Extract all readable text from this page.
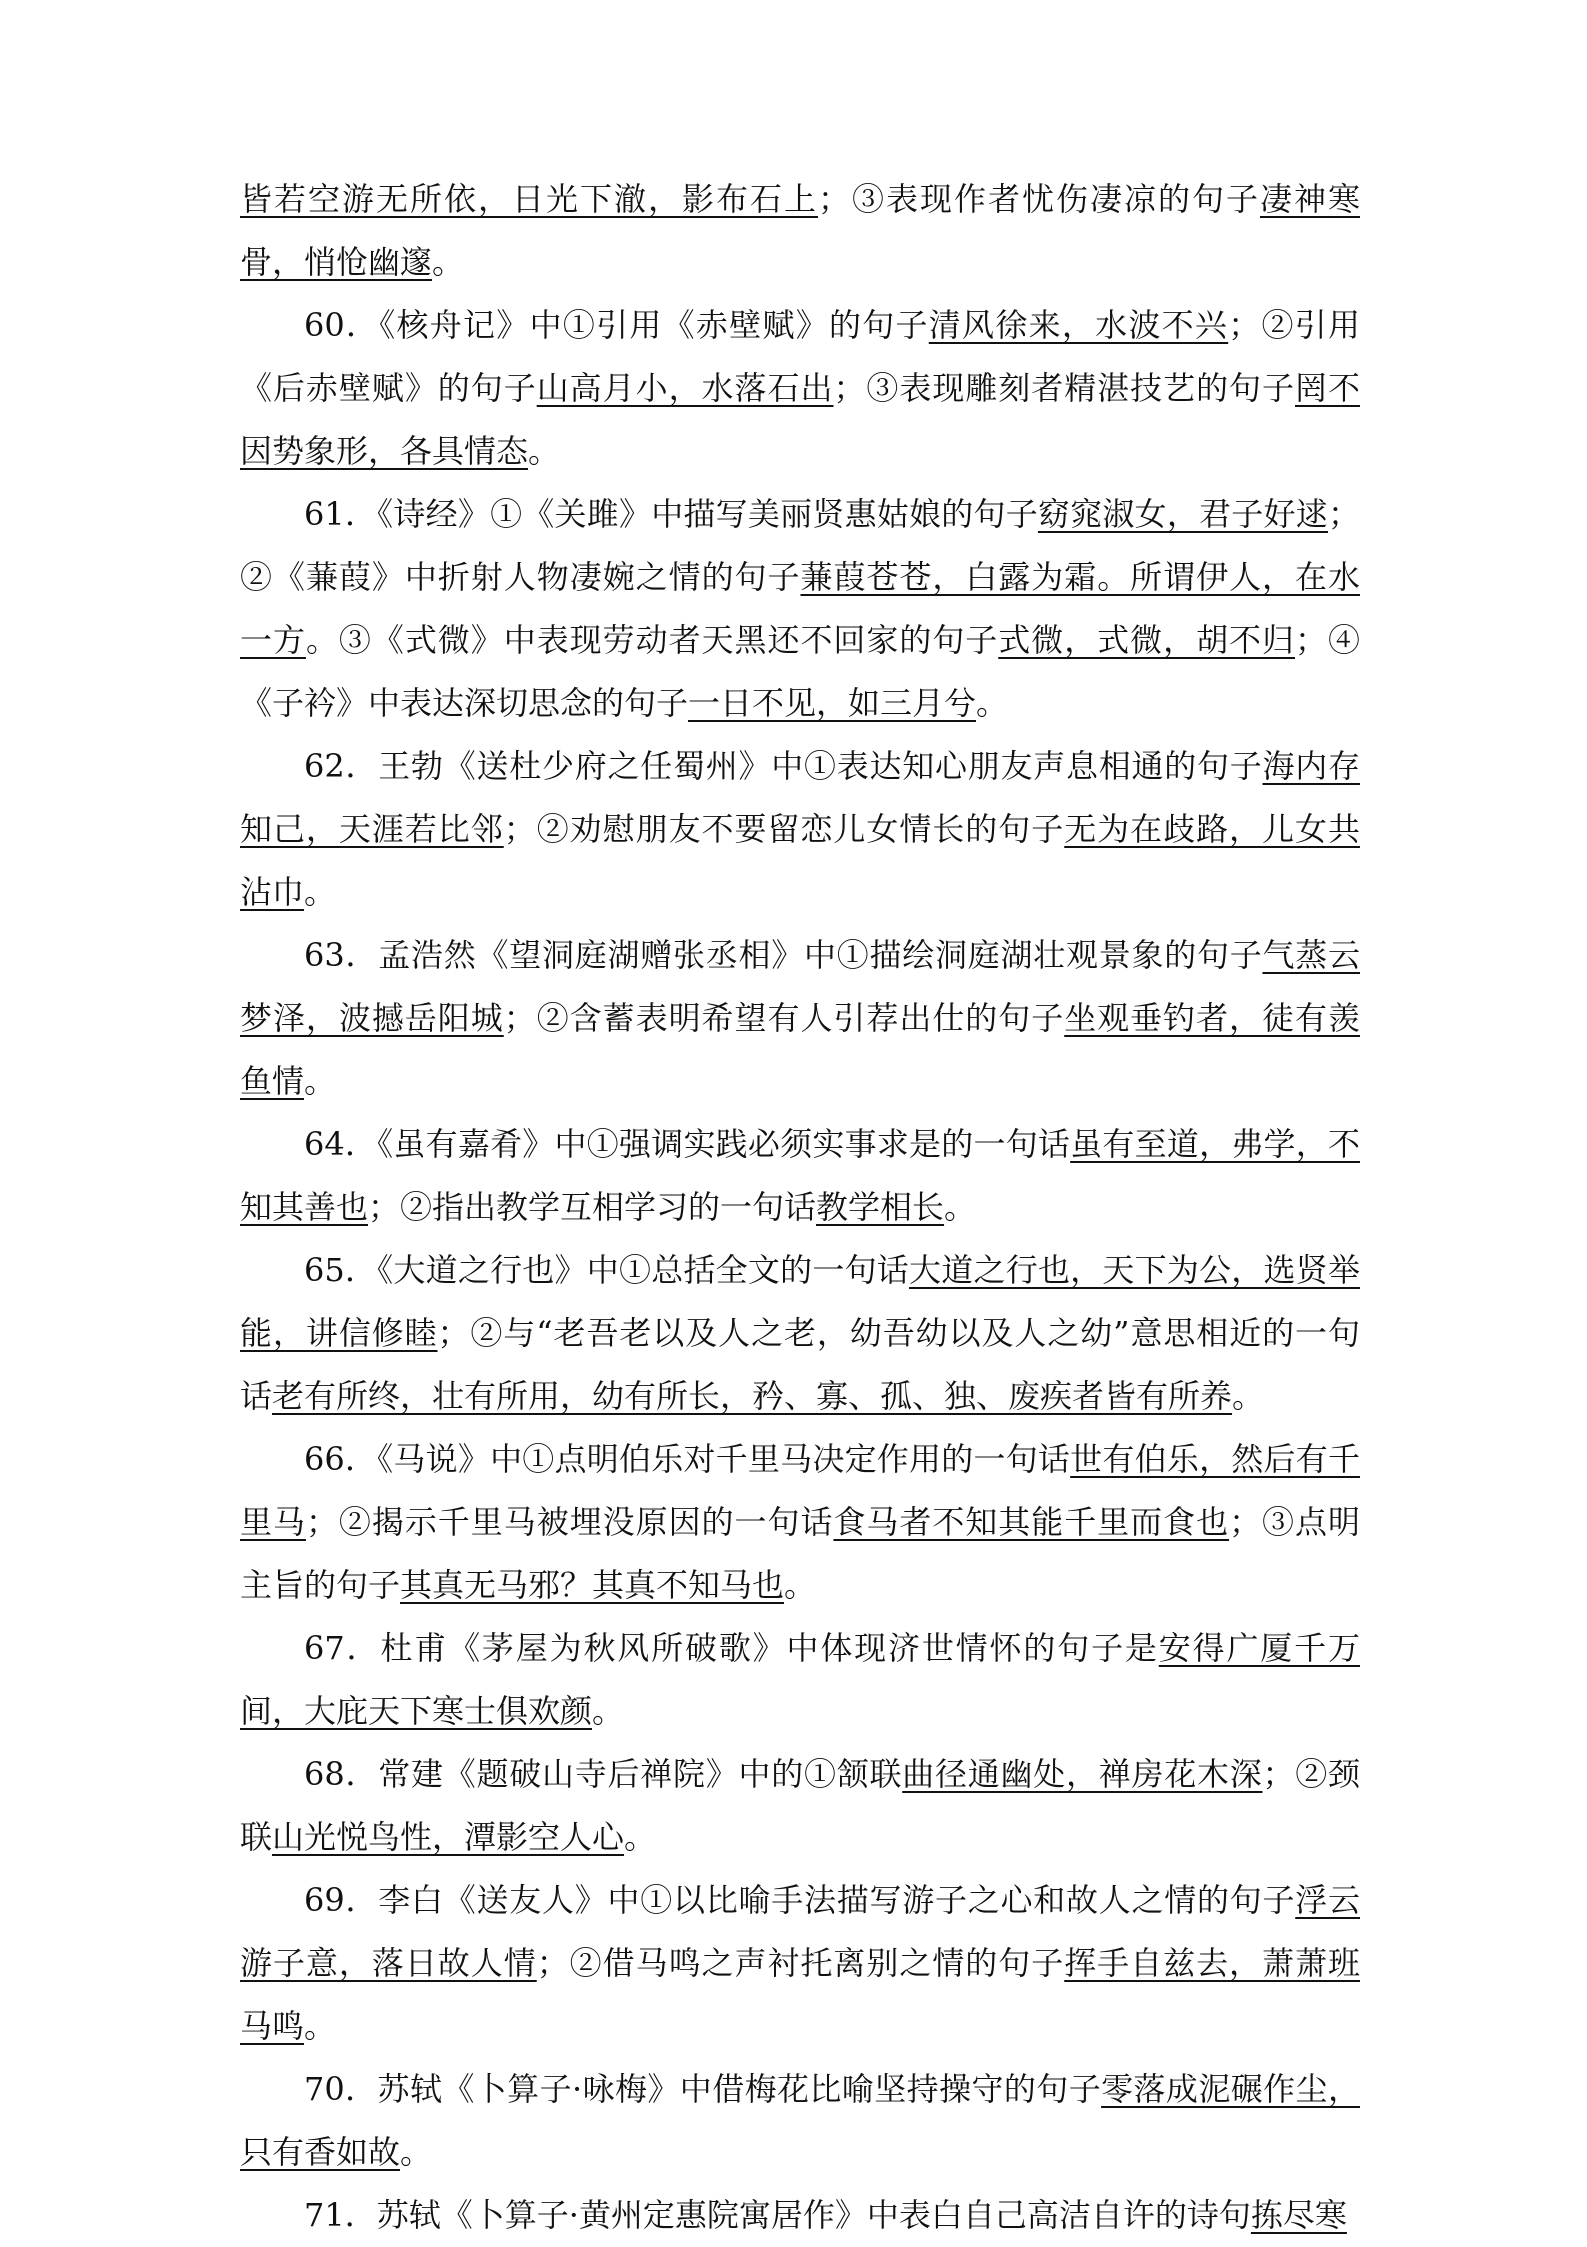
皆若空游无所依，日光下澈，影布石上；③表现作者忧伤凄凉的句子凄神寒骨，悄怆幽邃。

60．《核舟记》中①引用《赤壁赋》的句子清风徐来，水波不兴；②引用《后赤壁赋》的句子山高月小，水落石出；③表现雕刻者精湛技艺的句子罔不因势象形，各具情态。

61．《诗经》①《关雎》中描写美丽贤惠姑娘的句子窈窕淑女，君子好逑；②《蒹葭》中折射人物凄婉之情的句子蒹葭苍苍，白露为霜。所谓伊人，在水一方。③《式微》中表现劳动者天黑还不回家的句子式微，式微，胡不归；④《子衿》中表达深切思念的句子一日不见，如三月兮。

62．王勃《送杜少府之任蜀州》中①表达知心朋友声息相通的句子海内存知己，天涯若比邻；②劝慰朋友不要留恋儿女情长的句子无为在歧路，儿女共沾巾。

63．孟浩然《望洞庭湖赠张丞相》中①描绘洞庭湖壮观景象的句子气蒸云梦泽，波撼岳阳城；②含蓄表明希望有人引荐出仕的句子坐观垂钓者，徒有羡鱼情。

64．《虽有嘉肴》中①强调实践必须实事求是的一句话虽有至道，弗学，不知其善也；②指出教学互相学习的一句话教学相长。

65．《大道之行也》中①总括全文的一句话大道之行也，天下为公，选贤举能，讲信修睦；②与“老吾老以及人之老，幼吾幼以及人之幼”意思相近的一句话老有所终，壮有所用，幼有所长，矜、寡、孤、独、废疾者皆有所养。

66．《马说》中①点明伯乐对千里马决定作用的一句话世有伯乐，然后有千里马；②揭示千里马被埋没原因的一句话食马者不知其能千里而食也；③点明主旨的句子其真无马邪？其真不知马也。

67．杜甫《茅屋为秋风所破歌》中体现济世情怀的句子是安得广厦千万间，大庇天下寒士俱欢颜。

68．常建《题破山寺后禅院》中的①颔联曲径通幽处，禅房花木深；②颈联山光悦鸟性，潭影空人心。

69．李白《送友人》中①以比喻手法描写游子之心和故人之情的句子浮云游子意，落日故人情；②借马鸣之声衬托离别之情的句子挥手自兹去，萧萧班马鸣。

70．苏轼《卜算子·咏梅》中借梅花比喻坚持操守的句子零落成泥碾作尘，只有香如故。

71．苏轼《卜算子·黄州定惠院寓居作》中表白自己高洁自许的诗句拣尽寒
